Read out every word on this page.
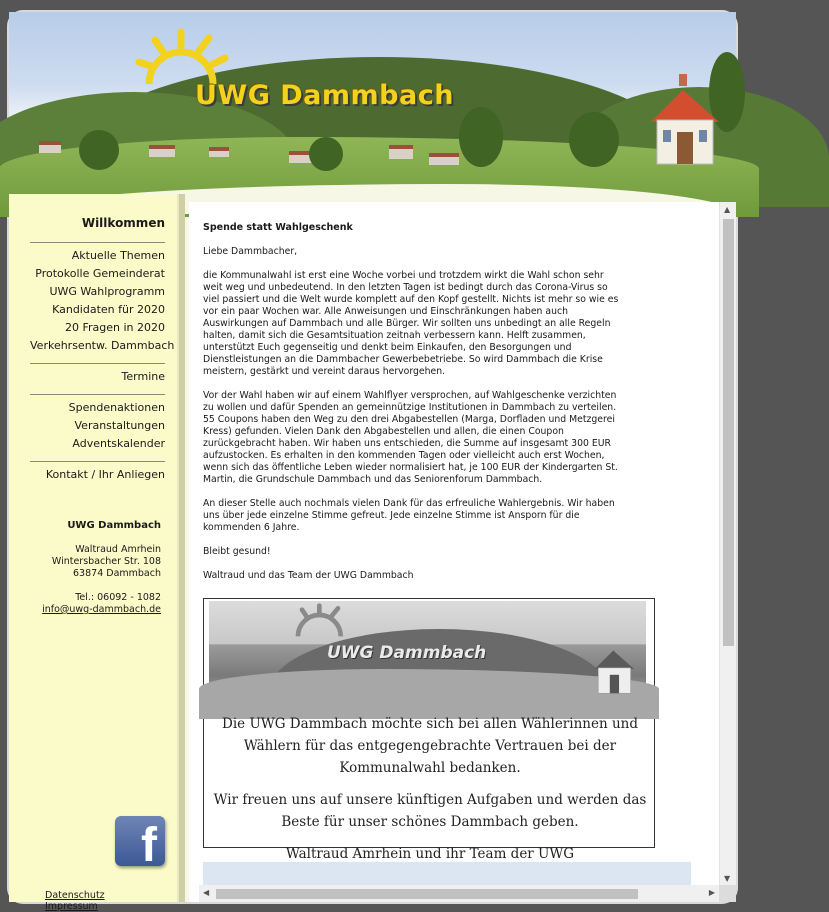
UWG Dammbach
Willkommen
Aktuelle Themen
Protokolle Gemeinderat
UWG Wahlprogramm
Kandidaten für 2020
20 Fragen in 2020
Verkehrsentw. Dammbach
Termine
Spendenaktionen
Veranstaltungen
Adventskalender
Kontakt / Ihr Anliegen
UWG Dammbach
Waltraud Amrhein
Wintersbacher Str. 108
63874 Dammbach
Tel.: 06092 - 1082
info@uwg-dammbach.de
f
Datenschutz Impressum
Spende statt Wahlgeschenk

Liebe Dammbacher,

die Kommunalwahl ist erst eine Woche vorbei und trotzdem wirkt die Wahl schon sehr weit weg und unbedeutend. In den letzten Tagen ist bedingt durch das Corona-Virus so viel passiert und die Welt wurde komplett auf den Kopf gestellt. Nichts ist mehr so wie es vor ein paar Wochen war. Alle Anweisungen und Einschränkungen haben auch Auswirkungen auf Dammbach und alle Bürger. Wir sollten uns unbedingt an alle Regeln halten, damit sich die Gesamtsituation zeitnah verbessern kann. Helft zusammen, unterstützt Euch gegenseitig und denkt beim Einkaufen, den Besorgungen und Dienstleistungen an die Dammbacher Gewerbebetriebe. So wird Dammbach die Krise meistern, gestärkt und vereint daraus hervorgehen.

Vor der Wahl haben wir auf einem Wahlflyer versprochen, auf Wahlgeschenke verzichten zu wollen und dafür Spenden an gemeinnützige Institutionen in Dammbach zu verteilen. 55 Coupons haben den Weg zu den drei Abgabestellen (Marga, Dorfladen und Metzgerei Kress) gefunden. Vielen Dank den Abgabestellen und allen, die einen Coupon zurückgebracht haben. Wir haben uns entschieden, die Summe auf insgesamt 300 EUR aufzustocken. Es erhalten in den kommenden Tagen oder vielleicht auch erst Wochen, wenn sich das öffentliche Leben wieder normalisiert hat, je 100 EUR der Kindergarten St. Martin, die Grundschule Dammbach und das Seniorenforum Dammbach.

An dieser Stelle auch nochmals vielen Dank für das erfreuliche Wahlergebnis. Wir haben uns über jede einzelne Stimme gefreut. Jede einzelne Stimme ist Ansporn für die kommenden 6 Jahre.

Bleibt gesund!

Waltraud und das Team der UWG Dammbach

UWG Dammbach

Die UWG Dammbach möchte sich bei allen Wählerinnen und Wählern für das entgegengebrachte Vertrauen bei der Kommunalwahl bedanken.

Wir freuen uns auf unsere künftigen Aufgaben und werden das Beste für unser schönes Dammbach geben.

Waltraud Amrhein und ihr Team der UWG

▲
▼
◀	▶
